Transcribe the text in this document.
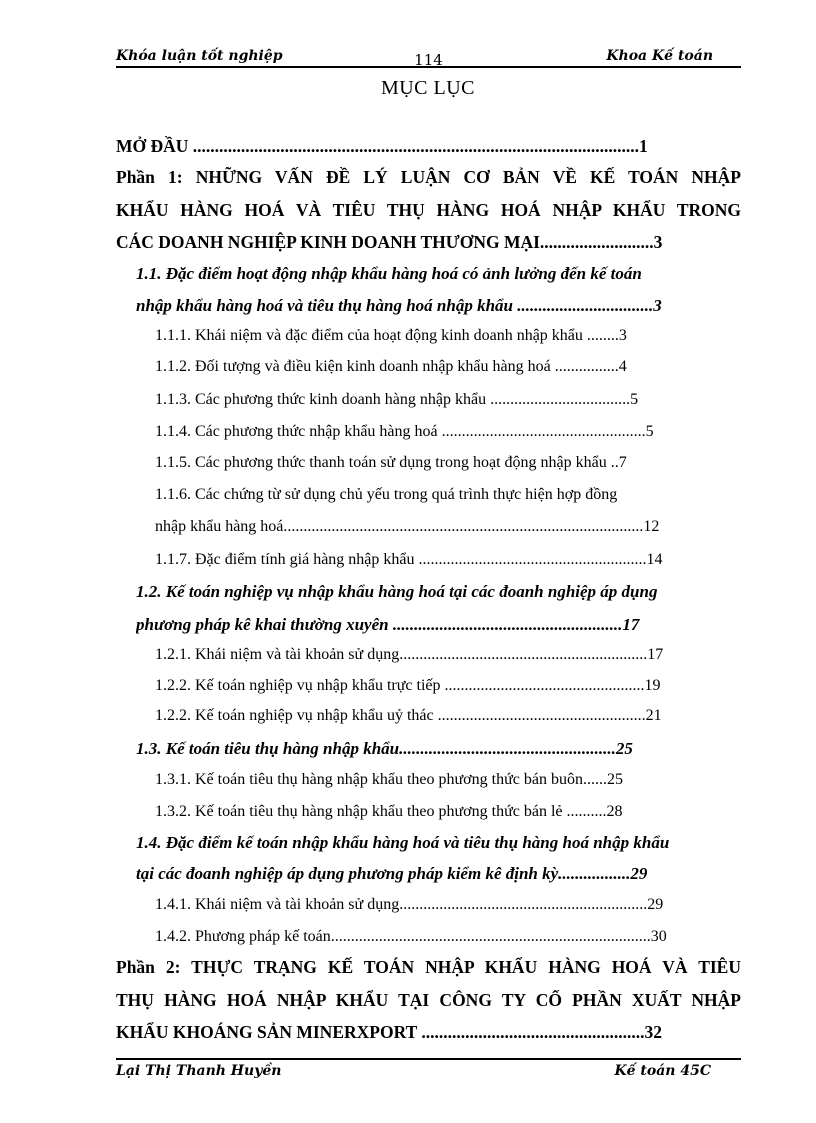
Khóa luận tốt nghiệp	114	Khoa Kế toán
MỤC LỤC
MỞ ĐẦU ......................................................................................................1
Phần 1: NHỮNG VẤN ĐỀ LÝ LUẬN CƠ BẢN VỀ KẾ TOÁN NHẬP
KHẨU HÀNG HOÁ VÀ TIÊU THỤ HÀNG HOÁ NHẬP KHẨU TRONG
CÁC DOANH NGHIỆP KINH DOANH THƯƠNG MẠI..........................3
1.1. Đặc điểm hoạt động nhập khẩu hàng hoá có ảnh lưởng đến kế toán
nhập khẩu hàng hoá và tiêu thụ hàng hoá nhập khẩu ................................3
1.1.1. Khái niệm và đặc điểm của hoạt động kinh doanh nhập khẩu ........3
1.1.2. Đối tượng và điều kiện kinh doanh nhập khẩu hàng hoá ................4
1.1.3. Các phương thức kinh doanh hàng nhập khẩu ...................................5
1.1.4. Các phương thức nhập khẩu hàng hoá ...................................................5
1.1.5. Các phương thức thanh toán sử dụng trong hoạt động nhập khẩu ..7
1.1.6. Các chứng từ sử dụng chủ yếu trong quá trình thực hiện hợp đồng
nhập khẩu hàng hoá..........................................................................................12
1.1.7. Đặc điểm tính giá hàng nhập khẩu .........................................................14
1.2. Kế toán nghiệp vụ nhập khẩu hàng hoá tại các đoanh nghiệp áp dụng
phương pháp kê khai thường xuyên ......................................................17
1.2.1. Khái niệm và tài khoản sử dụng..............................................................17
1.2.2. Kế toán nghiệp vụ nhập khẩu trực tiếp ..................................................19
1.2.2. Kế toán nghiệp vụ nhập khẩu uỷ thác ....................................................21
1.3. Kế toán tiêu thụ hàng nhập khẩu...................................................25
1.3.1. Kế toán tiêu thụ hàng nhập khẩu theo phương thức bán buôn......25
1.3.2. Kế toán tiêu thụ hàng nhập khẩu theo phương thức bán lẻ ..........28
1.4. Đặc điểm kế toán nhập khẩu hàng hoá và tiêu thụ hàng hoá nhập khẩu
tại các đoanh nghiệp áp dụng phương pháp kiểm kê định kỳ.................29
1.4.1. Khái niệm và tài khoản sử dụng..............................................................29
1.4.2. Phương pháp kế toán................................................................................30
Phần 2: THỰC TRẠNG KẾ TOÁN NHẬP KHẨU HÀNG HOÁ VÀ TIÊU
THỤ HÀNG HOÁ NHẬP KHẨU TẠI CÔNG TY CỔ PHẦN XUẤT NHẬP
KHẨU KHOÁNG SẢN MINERXPORT ...................................................32
Lại Thị Thanh Huyền	Kế toán 45C
